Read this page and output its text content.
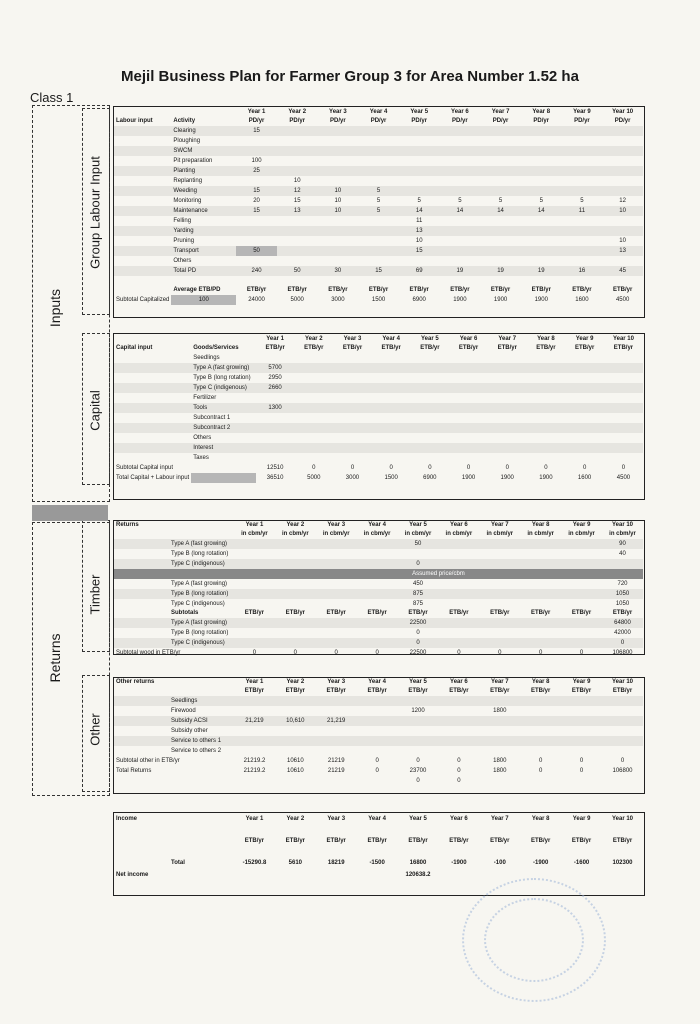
Mejil Business Plan for Farmer Group 3 for Area Number 1.52 ha
Class 1
Inputs
Returns
Group Labour Input
Capital
Timber
Other
		Year 1	Year 2	Year 3	Year 4	Year 5	Year 6	Year 7	Year 8	Year 9	Year 10
Labour input	Activity	PD/yr	PD/yr	PD/yr	PD/yr	PD/yr	PD/yr	PD/yr	PD/yr	PD/yr	PD/yr
	Clearing	15									
	Ploughing										
	SWCM										
	Pit preparation	100									
	Planting	25									
	Replanting		10								
	Weeding	15	12	10	5						
	Monitoring	20	15	10	5	5	5	5	5	5	12
	Maintenance	15	13	10	5	14	14	14	14	11	10
	Felling					11					
	Yarding					13					
	Pruning					10					10
	Transport	50				15					13
	Others										
	Total PD	240	50	30	15	69	19	19	19	16	45

	Average ETB/PD	ETB/yr	ETB/yr	ETB/yr	ETB/yr	ETB/yr	ETB/yr	ETB/yr	ETB/yr	ETB/yr	ETB/yr
Subtotal Capitalized	100	24000	5000	3000	1500	6900	1900	1900	1900	1600	4500
		Year 1	Year 2	Year 3	Year 4	Year 5	Year 6	Year 7	Year 8	Year 9	Year 10
Capital input	Goods/Services	ETB/yr	ETB/yr	ETB/yr	ETB/yr	ETB/yr	ETB/yr	ETB/yr	ETB/yr	ETB/yr	ETB/yr
	Seedlings										
	Type A (fast growing)	5700									
	Type B (long rotation)	2950									
	Type C (indigenous)	2660									
	Fertilizer										
	Tools	1300									
	Subcontract 1										
	Subcontract 2										
	Others										
	Interest										
	Taxes										
Subtotal Capital input		12510	0	0	0	0	0	0	0	0	0
Total Capital + Labour input		36510	5000	3000	1500	6900	1900	1900	1900	1600	4500
Returns		Year 1	Year 2	Year 3	Year 4	Year 5	Year 6	Year 7	Year 8	Year 9	Year 10
		in cbm/yr	in cbm/yr	in cbm/yr	in cbm/yr	in cbm/yr	in cbm/yr	in cbm/yr	in cbm/yr	in cbm/yr	in cbm/yr
	Type A (fast growing)					50					90
	Type B (long rotation)										40
	Type C (indigenous)					0					
						Assumed price/cbm					
	Type A (fast growing)					450					720
	Type B (long rotation)					875					1050
	Type C (indigenous)					875					1050
	Subtotals	ETB/yr	ETB/yr	ETB/yr	ETB/yr	ETB/yr	ETB/yr	ETB/yr	ETB/yr	ETB/yr	ETB/yr
	Type A (fast growing)					22500					64800
	Type B (long rotation)					0					42000
	Type C (indigenous)					0					0
Subtotal wood in ETB/yr		0	0	0	0	22500	0	0	0	0	106800
Other returns		Year 1	Year 2	Year 3	Year 4	Year 5	Year 6	Year 7	Year 8	Year 9	Year 10
		ETB/yr	ETB/yr	ETB/yr	ETB/yr	ETB/yr	ETB/yr	ETB/yr	ETB/yr	ETB/yr	ETB/yr
	Seedlings										
	Firewood					1200		1800			
	Subsidy ACSI	21,219	10,610	21,219							
	Subsidy other										
	Service to others 1										
	Service to others 2										
Subtotal other in ETB/yr		21219.2	10610	21219	0	0	0	1800	0	0	0
Total Returns		21219.2	10610	21219	0	23700	0	1800	0	0	106800
						0	0				
Income		Year 1	Year 2	Year 3	Year 4	Year 5	Year 6	Year 7	Year 8	Year 9	Year 10

		ETB/yr	ETB/yr	ETB/yr	ETB/yr	ETB/yr	ETB/yr	ETB/yr	ETB/yr	ETB/yr	ETB/yr

	Total	-15290.8	5610	18219	-1500	16800	-1900	-100	-1900	-1600	102300
Net income						120638.2					
